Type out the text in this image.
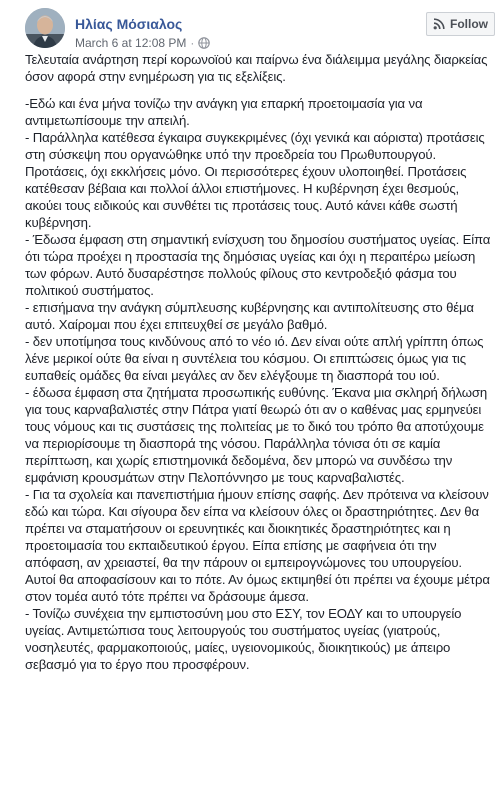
Ηλίας Μόσιαλος
March 6 at 12:08 PM ·
Follow

Τελευταία ανάρτηση περί κορωνοϊού και παίρνω ένα διάλειμμα μεγάλης διαρκείας όσον αφορά στην ενημέρωση για τις εξελίξεις.

-Εδώ και ένα μήνα τονίζω την ανάγκη για επαρκή προετοιμασία για να αντιμετωπίσουμε την απειλή.

- Παράλληλα κατέθεσα έγκαιρα συγκεκριμένες (όχι γενικά και αόριστα) προτάσεις στη σύσκεψη που οργανώθηκε υπό την προεδρεία του Πρωθυπουργού. Προτάσεις, όχι εκκλήσεις μόνο. Οι περισσότερες έχουν υλοποιηθεί. Προτάσεις κατέθεσαν βέβαια και πολλοί άλλοι επιστήμονες. Η κυβέρνηση έχει θεσμούς, ακούει τους ειδικούς και συνθέτει τις προτάσεις τους. Αυτό κάνει κάθε σωστή κυβέρνηση.

- Έδωσα έμφαση στη σημαντική ενίσχυση του δημοσίου συστήματος υγείας. Είπα ότι τώρα προέχει η προστασία της δημόσιας υγείας και όχι η περαιτέρω μείωση των φόρων. Αυτό δυσαρέστησε πολλούς φίλους στο κεντροδεξιό φάσμα του πολιτικού συστήματος.

- επισήμανα την ανάγκη σύμπλευσης κυβέρνησης και αντιπολίτευσης στο θέμα αυτό. Χαίρομαι που έχει επιτευχθεί σε μεγάλο βαθμό.

- δεν υποτίμησα τους κινδύνους από το νέο ιό. Δεν είναι ούτε απλή γρίππη όπως λένε μερικοί ούτε θα είναι η συντέλεια του κόσμου. Οι επιπτώσεις όμως για τις ευπαθείς ομάδες θα είναι μεγάλες αν δεν ελέγξουμε τη διασπορά του ιού.

- έδωσα έμφαση στα ζητήματα προσωπικής ευθύνης. Έκανα μια σκληρή δήλωση για τους καρναβαλιστές στην Πάτρα γιατί θεωρώ ότι αν ο καθένας μας ερμηνεύει τους νόμους και τις συστάσεις της πολιτείας με το δικό του τρόπο θα αποτύχουμε να περιορίσουμε τη διασπορά της νόσου. Παράλληλα τόνισα ότι σε καμία περίπτωση, και χωρίς επιστημονικά δεδομένα, δεν μπορώ να συνδέσω την εμφάνιση κρουσμάτων στην Πελοπόννησο με τους καρναβαλιστές.

- Για τα σχολεία και πανεπιστήμια ήμουν επίσης σαφής. Δεν πρότεινα να κλείσουν εδώ και τώρα. Και σίγουρα δεν είπα να κλείσουν όλες οι δραστηριότητες. Δεν θα πρέπει να σταματήσουν οι ερευνητικές και διοικητικές δραστηριότητες και η προετοιμασία του εκπαιδευτικού έργου. Είπα επίσης με σαφήνεια ότι την απόφαση, αν χρειαστεί, θα την πάρουν οι εμπειρογνώμονες του υπουργείου. Αυτοί θα αποφασίσουν και το πότε. Αν όμως εκτιμηθεί ότι πρέπει να έχουμε μέτρα στον τομέα αυτό τότε πρέπει να δράσουμε άμεσα.

- Τονίζω συνέχεια την εμπιστοσύνη μου στο ΕΣΥ, τον ΕΟΔΥ και το υπουργείο υγείας. Αντιμετώπισα τους λειτουργούς του συστήματος υγείας (γιατρούς, νοσηλευτές, φαρμακοποιούς, μαίες, υγειονομικούς, διοικητικούς) με άπειρο σεβασμό για το έργο που προσφέρουν.
